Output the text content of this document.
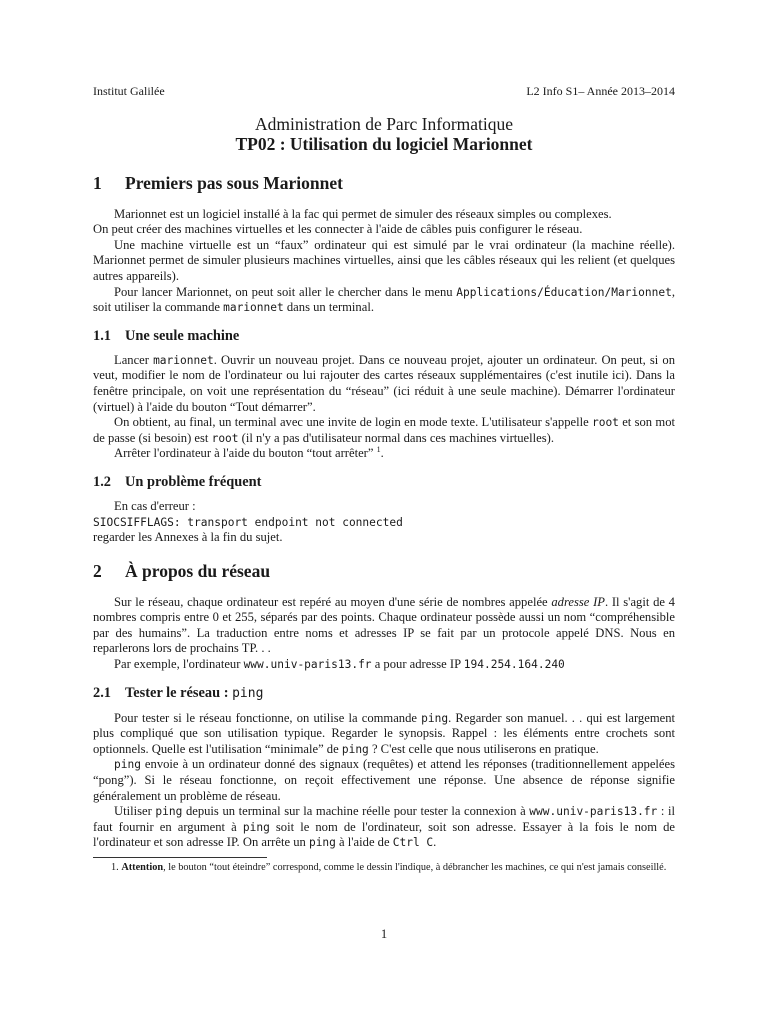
Institut Galilée	L2 Info S1– Année 2013–2014
Administration de Parc Informatique
TP02 : Utilisation du logiciel Marionnet
1	Premiers pas sous Marionnet

Marionnet est un logiciel installé à la fac qui permet de simuler des réseaux simples ou complexes.

On peut créer des machines virtuelles et les connecter à l'aide de câbles puis configurer le réseau.

Une machine virtuelle est un “faux” ordinateur qui est simulé par le vrai ordinateur (la machine réelle). Marionnet permet de simuler plusieurs machines virtuelles, ainsi que les câbles réseaux qui les relient (et quelques autres appareils).

Pour lancer Marionnet, on peut soit aller le chercher dans le menu Applications/Éducation/Marionnet, soit utiliser la commande marionnet dans un terminal.

1.1 Une seule machine

Lancer marionnet. Ouvrir un nouveau projet. Dans ce nouveau projet, ajouter un ordinateur. On peut, si on veut, modifier le nom de l'ordinateur ou lui rajouter des cartes réseaux supplémentaires (c'est inutile ici). Dans la fenêtre principale, on voit une représentation du “réseau” (ici réduit à une seule machine). Démarrer l'ordinateur (virtuel) à l'aide du bouton “Tout démarrer”.

On obtient, au final, un terminal avec une invite de login en mode texte. L'utilisateur s'appelle root et son mot de passe (si besoin) est root (il n'y a pas d'utilisateur normal dans ces machines virtuelles).

Arrêter l'ordinateur à l'aide du bouton “tout arrêter” $^1$.

1.2 Un problème fréquent

En cas d'erreur :

SIOCSIFFLAGS: transport endpoint not connected

regarder les Annexes à la fin du sujet.

2	À propos du réseau

Sur le réseau, chaque ordinateur est repéré au moyen d'une série de nombres appelée adresse IP. Il s'agit de 4 nombres compris entre 0 et 255, séparés par des points. Chaque ordinateur possède aussi un nom “compréhensible par des humains”. La traduction entre noms et adresses IP se fait par un protocole appelé DNS. Nous en reparlerons lors de prochains TP. . .

Par exemple, l'ordinateur www.univ-paris13.fr a pour adresse IP 194.254.164.240

2.1 Tester le réseau : ping

Pour tester si le réseau fonctionne, on utilise la commande ping. Regarder son manuel. . . qui est largement plus compliqué que son utilisation typique. Regarder le synopsis. Rappel : les éléments entre crochets sont optionnels. Quelle est l'utilisation “minimale” de ping ? C'est celle que nous utiliserons en pratique.

ping envoie à un ordinateur donné des signaux (requêtes) et attend les réponses (traditionnellement appelées “pong”). Si le réseau fonctionne, on reçoit effectivement une réponse. Une absence de réponse signifie généralement un problème de réseau.

Utiliser ping depuis un terminal sur la machine réelle pour tester la connexion à www.univ-paris13.fr : il faut fournir en argument à ping soit le nom de l'ordinateur, soit son adresse. Essayer à la fois le nom de l'ordinateur et son adresse IP. On arrête un ping à l'aide de Ctrl C.

1. Attention, le bouton “tout éteindre” correspond, comme le dessin l'indique, à débrancher les machines, ce qui n'est jamais conseillé.
1
